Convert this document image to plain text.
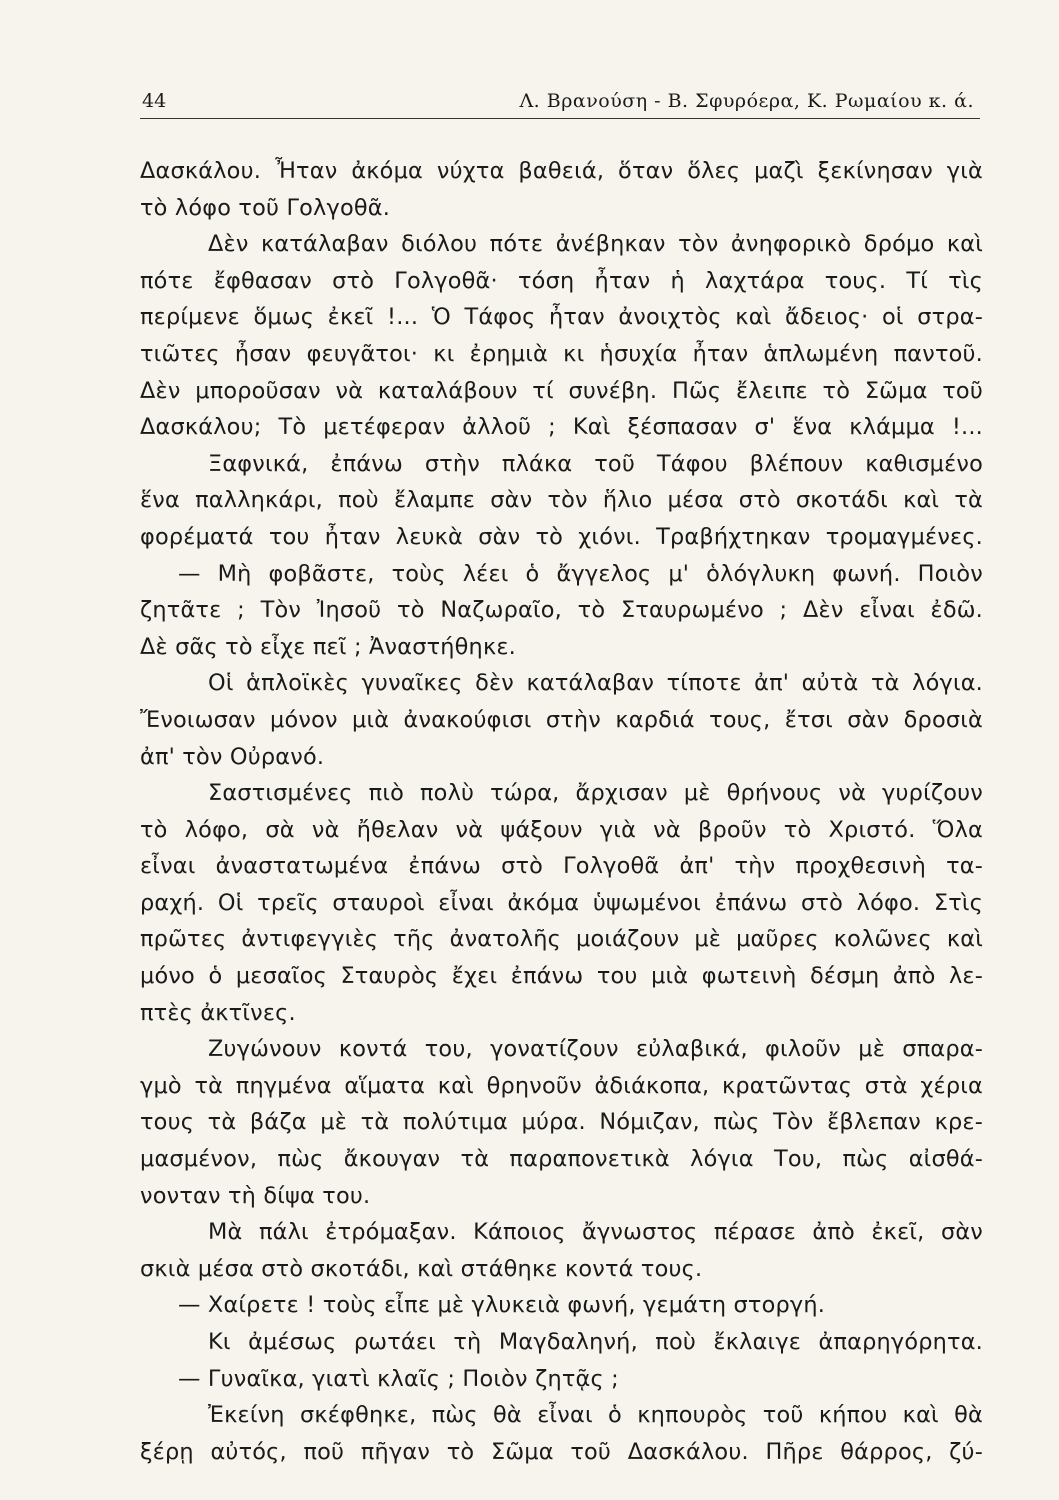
44	Λ. Βρανούση - Β. Σφυρόερα, Κ. Ρωμαίου κ. ά.
Δασκάλου. Ἦταν ἀκόμα νύχτα βαθειά, ὅταν ὅλες μαζὶ ξεκίνησαν γιὰ
τὸ λόφο τοῦ Γολγοθᾶ.
Δὲν κατάλαβαν διόλου πότε ἀνέβηκαν τὸν ἀνηφορικὸ δρόμο καὶ
πότε ἔφθασαν στὸ Γολγοθᾶ· τόση ἦταν ἡ λαχτάρα τους. Τί τὶς
περίμενε ὅμως ἐκεῖ !... Ὁ Τάφος ἦταν ἀνοιχτὸς καὶ ἄδειος· οἱ στρα-
τιῶτες ἦσαν φευγᾶτοι· κι ἐρημιὰ κι ἡσυχία ἦταν ἁπλωμένη παντοῦ.
Δὲν μποροῦσαν νὰ καταλάβουν τί συνέβη. Πῶς ἔλειπε τὸ Σῶμα τοῦ
Δασκάλου; Τὸ μετέφεραν ἀλλοῦ ; Καὶ ξέσπασαν σ' ἕνα κλάμμα !...
Ξαφνικά, ἐπάνω στὴν πλάκα τοῦ Τάφου βλέπουν καθισμένο
ἕνα παλληκάρι, ποὺ ἔλαμπε σὰν τὸν ἥλιο μέσα στὸ σκοτάδι καὶ τὰ
φορέματά του ἦταν λευκὰ σὰν τὸ χιόνι. Τραβήχτηκαν τρομαγμένες.
— Μὴ φοβᾶστε, τοὺς λέει ὁ ἄγγελος μ' ὁλόγλυκη φωνή. Ποιὸν
ζητᾶτε ; Τὸν Ἰησοῦ τὸ Ναζωραῖο, τὸ Σταυρωμένο ; Δὲν εἶναι ἐδῶ.
Δὲ σᾶς τὸ εἶχε πεῖ ; Ἀναστήθηκε.
Οἱ ἁπλοϊκὲς γυναῖκες δὲν κατάλαβαν τίποτε ἀπ' αὐτὰ τὰ λόγια.
Ἔνοιωσαν μόνον μιὰ ἀνακούφισι στὴν καρδιά τους, ἔτσι σὰν δροσιὰ
ἀπ' τὸν Οὐρανό.
Σαστισμένες πιὸ πολὺ τώρα, ἄρχισαν μὲ θρήνους νὰ γυρίζουν
τὸ λόφο, σὰ νὰ ἤθελαν νὰ ψάξουν γιὰ νὰ βροῦν τὸ Χριστό. Ὅλα
εἶναι ἀναστατωμένα ἐπάνω στὸ Γολγοθᾶ ἀπ' τὴν προχθεσινὴ τα-
ραχή. Οἱ τρεῖς σταυροὶ εἶναι ἀκόμα ὑψωμένοι ἐπάνω στὸ λόφο. Στὶς
πρῶτες ἀντιφεγγιὲς τῆς ἀνατολῆς μοιάζουν μὲ μαῦρες κολῶνες καὶ
μόνο ὁ μεσαῖος Σταυρὸς ἔχει ἐπάνω του μιὰ φωτεινὴ δέσμη ἀπὸ λε-
πτὲς ἀκτῖνες.
Ζυγώνουν κοντά του, γονατίζουν εὐλαβικά, φιλοῦν μὲ σπαρα-
γμὸ τὰ πηγμένα αἵματα καὶ θρηνοῦν ἀδιάκοπα, κρατῶντας στὰ χέρια
τους τὰ βάζα μὲ τὰ πολύτιμα μύρα. Νόμιζαν, πὼς Τὸν ἔβλεπαν κρε-
μασμένον, πὼς ἄκουγαν τὰ παραπονετικὰ λόγια Του, πὼς αἰσθά-
νονταν τὴ δίψα του.
Μὰ πάλι ἐτρόμαξαν. Κάποιος ἄγνωστος πέρασε ἀπὸ ἐκεῖ, σὰν
σκιὰ μέσα στὸ σκοτάδι, καὶ στάθηκε κοντά τους.
— Χαίρετε ! τοὺς εἶπε μὲ γλυκειὰ φωνή, γεμάτη στοργή.
Κι ἀμέσως ρωτάει τὴ Μαγδαληνή, ποὺ ἔκλαιγε ἀπαρηγόρητα.
— Γυναῖκα, γιατὶ κλαῖς ; Ποιὸν ζητᾷς ;
Ἐκείνη σκέφθηκε, πὼς θὰ εἶναι ὁ κηπουρὸς τοῦ κήπου καὶ θὰ
ξέρῃ αὐτός, ποῦ πῆγαν τὸ Σῶμα τοῦ Δασκάλου. Πῆρε θάρρος, ζύ-
